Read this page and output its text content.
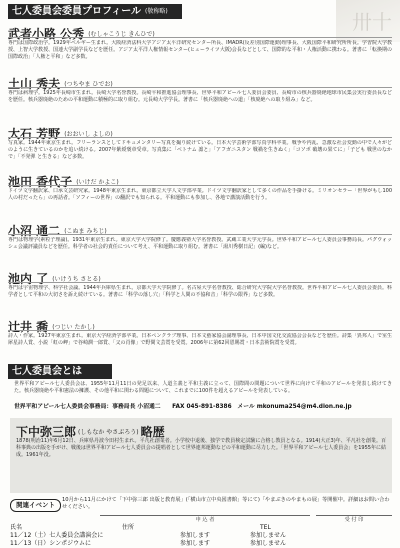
卅十
七人委員会委員プロフィール (敬称略)
武者小路 公秀 (むしゃこうじ きんひで)
専門は国際政治学。1929年ベルギー生まれ。大阪経済法科大学アジア太平洋研究センター所長、IMADR(反差別国際運動)理事長、大阪国際平和研究所所長。学習院大学教授、上智大学教授、国連大学副学長などを歴任。アジア太平洋人権情報センター(ヒューライツ大阪)会長などとして、国際的な平和・人権活動に携わる。著書に「転換期の国際政治」「人権と平和」など多数。
土山 秀夫 (つちやま ひでお)
専門は病理学。1925年長崎市生まれ。長崎大学名誉教授。長崎平和推進協会理事長、世界平和アピール七人委員会委員、長崎市の核兵器廃絶地球市民集会実行委員長などを歴任。核兵器廃絶のための平和運動に積極的に取り組む。元長崎大学学長。著書に「核兵器廃絶への道」「核廃絶への取り組み」など。
大石 芳野 (おおいし よしの)
写真家。1944年東京生まれ。フリーランスとしてドキュメンタリー写真を撮り続けている。日本大学芸術学部写真学科卒業。戦争や内乱、急激な社会変動の中で人々がどのように生きているのかを追い続ける。2007年紫綬褒章受章。写真集に「ベトナム 凛と」「アフガニスタン 戦禍を生きぬく」「コソボ 破壊の果てに」「子ども 戦世のなかで」「不発弾 と生きる」など多数。
池田 香代子 (いけだ かよこ)
ドイツ文学翻訳家、口承文芸研究家。1948年東京生まれ。東京都立大学人文学部卒業。ドイツ文学翻訳家として多くの作品を手掛ける。ミリオンセラー「世界がもし100人の村だったら」の再話者。「ソフィーの世界」の翻訳でも知られる。平和運動にも参加し、各地で講演活動を行う。
小沼 通二 (こぬま みちじ)
専門は物理学(素粒子理論)。1931年東京生まれ。東京大学大学院修了。慶應義塾大学名誉教授。武蔵工業大学元学長。世界平和アピール七人委員会事務局長。パグウォッシュ会議評議員などを歴任。科学者の社会的責任について考え、平和運動に取り組む。著書に「湯川秀樹日記」(編)など。
池内 了 (いけうち さとる)
専門は宇宙物理学、科学社会論。1944年兵庫県生まれ。京都大学大学院修了。名古屋大学名誉教授、総合研究大学院大学名誉教授。世界平和アピール七人委員会委員。科学者として平和の大切さを訴え続けている。著書に「科学の落し穴」「科学と人間の不協和音」「科学の限界」など多数。
辻井 喬 (つじい たかし)
詩人・作家。1927年東京生まれ。東京大学経済学部卒業。日本ペンクラブ理事、日本文藝家協会副理事長、日本中国文化交流協会会長などを歴任。詩集「異邦人」で室生犀星詩人賞、小説「虹の岬」で谷崎潤一郎賞、「父の肖像」で野間文芸賞を受賞。2006年に第62回恩賜賞・日本芸術院賞を受賞。
七人委員会とは
世界平和アピール七人委員会は、1955年11月11日の発足以来、人道主義と平和主義に立って、国際間の問題について世界に向けて平和のアピールを発表し続けてきた。核兵器廃絶や平和憲法の擁護、その他平和に関わる問題について、これまでに100件を超えるアピールを発表している。
世界平和アピール七人委員会事務局：事務局長 小沼通二　　FAX 045-891-8386　メール mkonuma254@m4.dion.ne.jp
下中弥三郎 (しもなか やさぶろう) 略歴
1878(明治11)年6月12日、兵庫県丹波今田村生まれ。平凡社創業者。小学校中退後、独学で教員検定試験に合格し教員となる。1914(大正3)年、平凡社を創業。百科事典の出版を手がけ、戦後は世界平和アピール七人委員会の提唱者として世界連邦運動などの平和運動に尽力した。「世界平和アピール七人委員会」を1955年に結成。1961年没。
関連イベント
10月から11月にかけて「下中弥三郎 出版と教育展」(「横山市立中央図書館」等にて)「やまぶきのやまもの展」等開催中。詳細はお問い合わせください。
申 込 者	受 付 印
氏名	住所	TEL
11／12（土）七人委員会講演会に	参加します	参加しません
11／13（日）シンポジウムに	参加します	参加しません
